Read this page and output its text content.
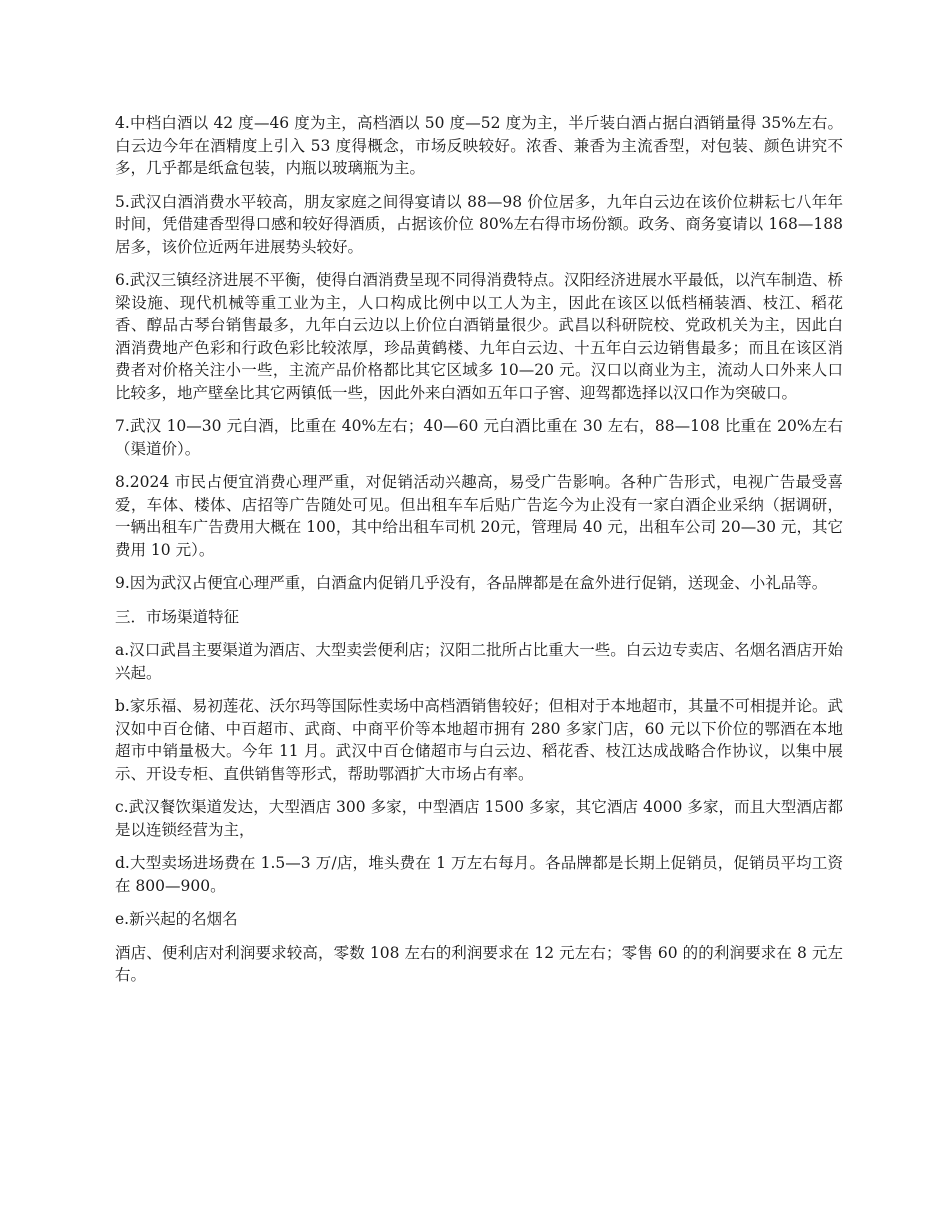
4.中档白酒以 42 度—46 度为主，高档酒以 50 度—52 度为主，半斤装白酒占据白酒销量得 35%左右。白云边今年在酒精度上引入 53 度得概念，市场反映较好。浓香、兼香为主流香型，对包装、颜色讲究不多，几乎都是纸盒包装，内瓶以玻璃瓶为主。

5.武汉白酒消费水平较高，朋友家庭之间得宴请以 88—98 价位居多，九年白云边在该价位耕耘七八年年时间，凭借建香型得口感和较好得酒质，占据该价位 80%左右得市场份额。政务、商务宴请以 168—188 居多，该价位近两年进展势头较好。

6.武汉三镇经济进展不平衡，使得白酒消费呈现不同得消费特点。汉阳经济进展水平最低，以汽车制造、桥梁设施、现代机械等重工业为主，人口构成比例中以工人为主，因此在该区以低档桶装酒、枝江、稻花香、醇品古琴台销售最多，九年白云边以上价位白酒销量很少。武昌以科研院校、党政机关为主，因此白酒消费地产色彩和行政色彩比较浓厚，珍品黄鹤楼、九年白云边、十五年白云边销售最多；而且在该区消费者对价格关注小一些，主流产品价格都比其它区域多 10—20 元。汉口以商业为主，流动人口外来人口比较多，地产壁垒比其它两镇低一些，因此外来白酒如五年口子窖、迎驾都选择以汉口作为突破口。

7.武汉 10—30 元白酒，比重在 40%左右；40—60 元白酒比重在 30 左右，88—108 比重在 20%左右（渠道价）。

8.2024 市民占便宜消费心理严重，对促销活动兴趣高，易受广告影响。各种广告形式，电视广告最受喜爱，车体、楼体、店招等广告随处可见。但出租车车后贴广告迄今为止没有一家白酒企业采纳（据调研，一辆出租车广告费用大概在 100，其中给出租车司机 20元，管理局 40 元，出租车公司 20—30 元，其它费用 10 元）。

9.因为武汉占便宜心理严重，白酒盒内促销几乎没有，各品牌都是在盒外进行促销，送现金、小礼品等。

三．市场渠道特征

a.汉口武昌主要渠道为酒店、大型卖尝便利店；汉阳二批所占比重大一些。白云边专卖店、名烟名酒店开始兴起。

b.家乐福、易初莲花、沃尔玛等国际性卖场中高档酒销售较好；但相对于本地超市，其量不可相提并论。武汉如中百仓储、中百超市、武商、中商平价等本地超市拥有 280 多家门店，60 元以下价位的鄂酒在本地超市中销量极大。今年 11 月。武汉中百仓储超市与白云边、稻花香、枝江达成战略合作协议，以集中展示、开设专柜、直供销售等形式，帮助鄂酒扩大市场占有率。

c.武汉餐饮渠道发达，大型酒店 300 多家，中型酒店 1500 多家，其它酒店 4000 多家，而且大型酒店都是以连锁经营为主，

d.大型卖场进场费在 1.5—3 万/店，堆头费在 1 万左右每月。各品牌都是长期上促销员，促销员平均工资在 800—900。

e.新兴起的名烟名

酒店、便利店对利润要求较高，零数 108 左右的利润要求在 12 元左右；零售 60 的的利润要求在 8 元左右。
